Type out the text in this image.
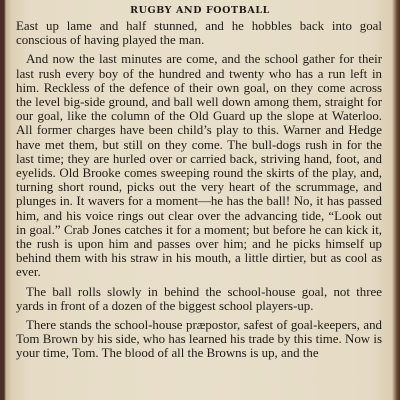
RUGBY AND FOOTBALL

East up lame and half stunned, and he hobbles back into goal conscious of having played the man.

And now the last minutes are come, and the school gather for their last rush every boy of the hundred and twenty who has a run left in him. Reckless of the defence of their own goal, on they come across the level big-side ground, and ball well down among them, straight for our goal, like the column of the Old Guard up the slope at Waterloo. All former charges have been child’s play to this. Warner and Hedge have met them, but still on they come. The bull-dogs rush in for the last time; they are hurled over or carried back, striving hand, foot, and eyelids. Old Brooke comes sweeping round the skirts of the play, and, turning short round, picks out the very heart of the scrummage, and plunges in. It wavers for a moment—he has the ball! No, it has passed him, and his voice rings out clear over the advancing tide, “Look out in goal.” Crab Jones catches it for a moment; but before he can kick it, the rush is upon him and passes over him; and he picks himself up behind them with his straw in his mouth, a little dirtier, but as cool as ever.

The ball rolls slowly in behind the school-house goal, not three yards in front of a dozen of the biggest school players-up.

There stands the school-house præpostor, safest of goal-keepers, and Tom Brown by his side, who has learned his trade by this time. Now is your time, Tom. The blood of all the Browns is up, and the
